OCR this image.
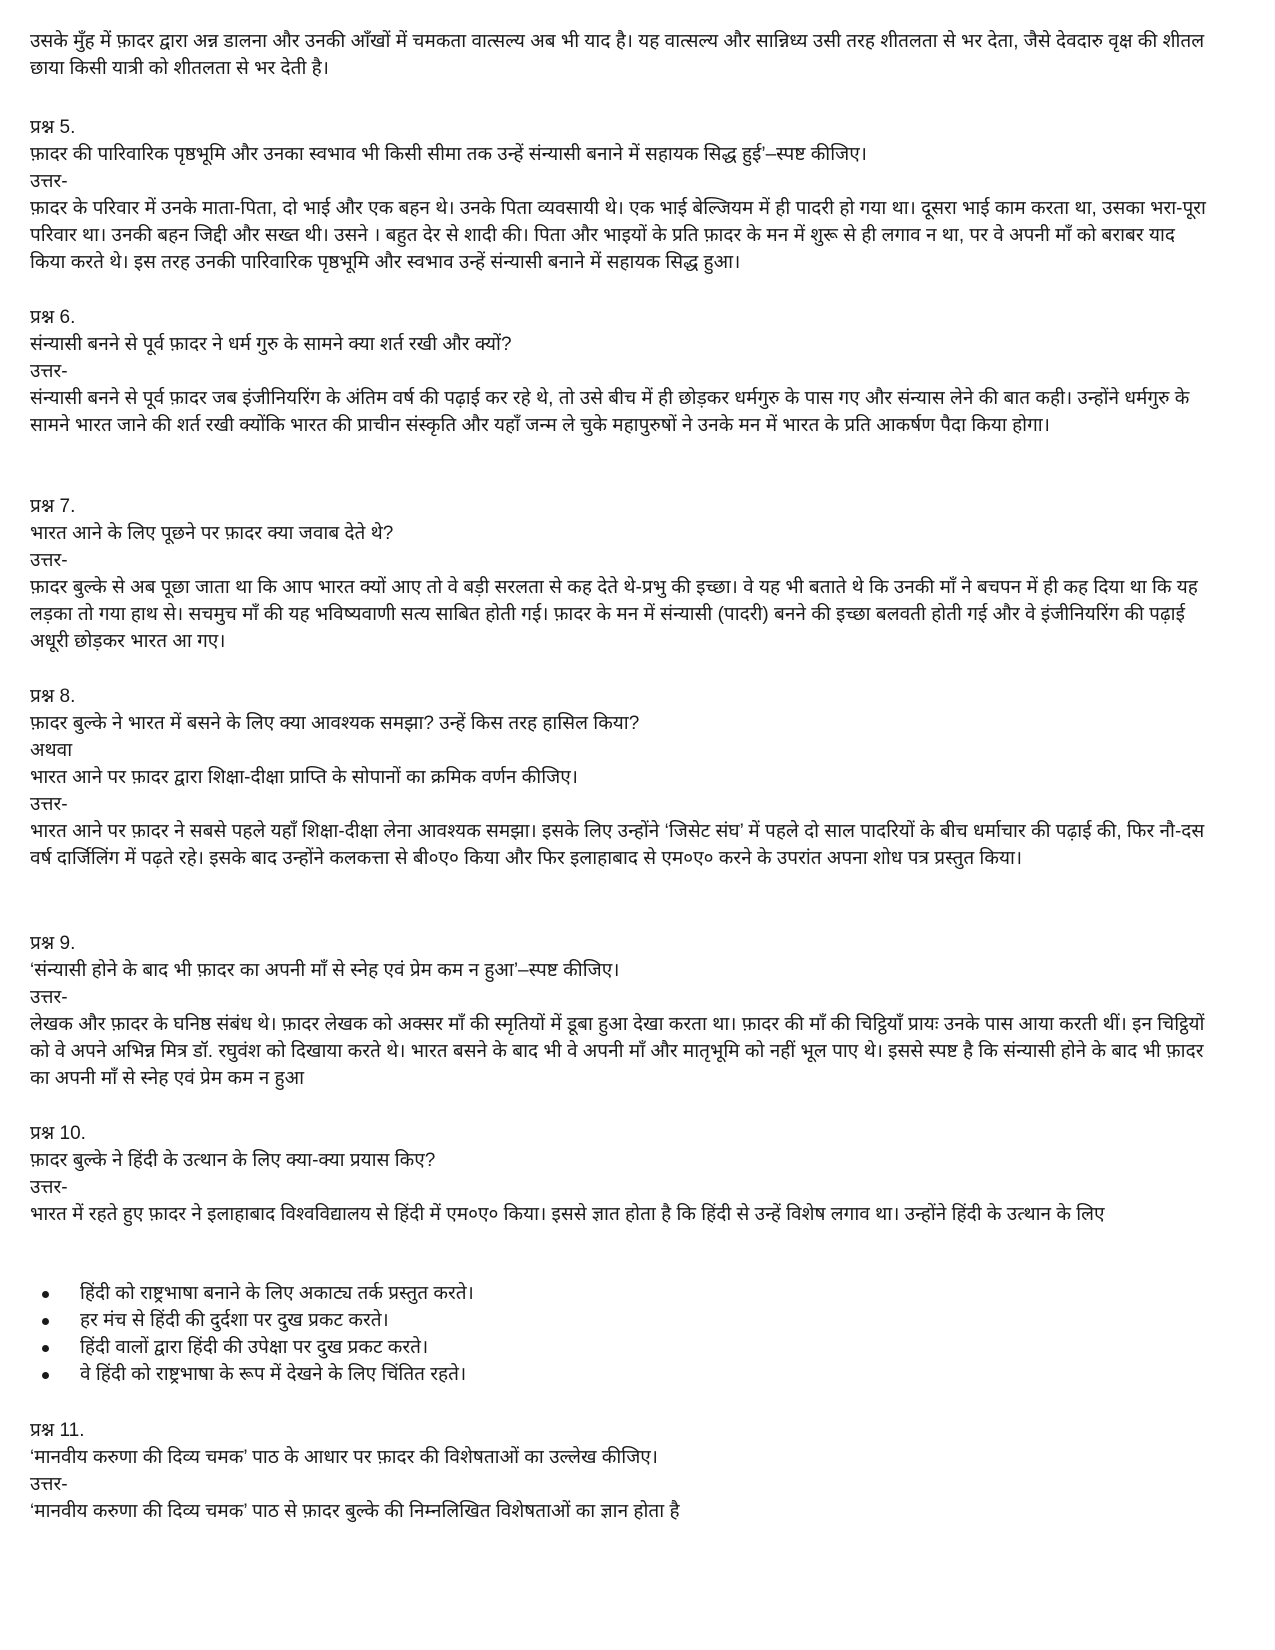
उसके मुँह में फ़ादर द्वारा अन्न डालना और उनकी आँखों में चमकता वात्सल्य अब भी याद है। यह वात्सल्य और सान्निध्य उसी तरह शीतलता से भर देता, जैसे देवदारु वृक्ष की शीतल छाया किसी यात्री को शीतलता से भर देती है।

प्रश्न 5.

फ़ादर की पारिवारिक पृष्ठभूमि और उनका स्वभाव भी किसी सीमा तक उन्हें संन्यासी बनाने में सहायक सिद्ध हुई’–स्पष्ट कीजिए।

उत्तर-

फ़ादर के परिवार में उनके माता-पिता, दो भाई और एक बहन थे। उनके पिता व्यवसायी थे। एक भाई बेल्जियम में ही पादरी हो गया था। दूसरा भाई काम करता था, उसका भरा-पूरा परिवार था। उनकी बहन जिद्दी और सख्त थी। उसने । बहुत देर से शादी की। पिता और भाइयों के प्रति फ़ादर के मन में शुरू से ही लगाव न था, पर वे अपनी माँ को बराबर याद किया करते थे। इस तरह उनकी पारिवारिक पृष्ठभूमि और स्वभाव उन्हें संन्यासी बनाने में सहायक सिद्ध हुआ।

प्रश्न 6.

संन्यासी बनने से पूर्व फ़ादर ने धर्म गुरु के सामने क्या शर्त रखी और क्यों?

उत्तर-

संन्यासी बनने से पूर्व फ़ादर जब इंजीनियरिंग के अंतिम वर्ष की पढ़ाई कर रहे थे, तो उसे बीच में ही छोड़कर धर्मगुरु के पास गए और संन्यास लेने की बात कही। उन्होंने धर्मगुरु के सामने भारत जाने की शर्त रखी क्योंकि भारत की प्राचीन संस्कृति और यहाँ जन्म ले चुके महापुरुषों ने उनके मन में भारत के प्रति आकर्षण पैदा किया होगा।

प्रश्न 7.

भारत आने के लिए पूछने पर फ़ादर क्या जवाब देते थे?

उत्तर-

फ़ादर बुल्के से अब पूछा जाता था कि आप भारत क्यों आए तो वे बड़ी सरलता से कह देते थे-प्रभु की इच्छा। वे यह भी बताते थे कि उनकी माँ ने बचपन में ही कह दिया था कि यह लड़का तो गया हाथ से। सचमुच माँ की यह भविष्यवाणी सत्य साबित होती गई। फ़ादर के मन में संन्यासी (पादरी) बनने की इच्छा बलवती होती गई और वे इंजीनियरिंग की पढ़ाई अधूरी छोड़कर भारत आ गए।

प्रश्न 8.

फ़ादर बुल्के ने भारत में बसने के लिए क्या आवश्यक समझा? उन्हें किस तरह हासिल किया?

अथवा

भारत आने पर फ़ादर द्वारा शिक्षा-दीक्षा प्राप्ति के सोपानों का क्रमिक वर्णन कीजिए।

उत्तर-

भारत आने पर फ़ादर ने सबसे पहले यहाँ शिक्षा-दीक्षा लेना आवश्यक समझा। इसके लिए उन्होंने ‘जिसेट संघ’ में पहले दो साल पादरियों के बीच धर्माचार की पढ़ाई की, फिर नौ-दस वर्ष दार्जिलिंग में पढ़ते रहे। इसके बाद उन्होंने कलकत्ता से बी०ए० किया और फिर इलाहाबाद से एम०ए० करने के उपरांत अपना शोध पत्र प्रस्तुत किया।

प्रश्न 9.

‘संन्यासी होने के बाद भी फ़ादर का अपनी माँ से स्नेह एवं प्रेम कम न हुआ’–स्पष्ट कीजिए।

उत्तर-

लेखक और फ़ादर के घनिष्ठ संबंध थे। फ़ादर लेखक को अक्सर माँ की स्मृतियों में डूबा हुआ देखा करता था। फ़ादर की माँ की चिट्ठियाँ प्रायः उनके पास आया करती थीं। इन चिट्ठियों को वे अपने अभिन्न मित्र डॉ. रघुवंश को दिखाया करते थे। भारत बसने के बाद भी वे अपनी माँ और मातृभूमि को नहीं भूल पाए थे। इससे स्पष्ट है कि संन्यासी होने के बाद भी फ़ादर का अपनी माँ से स्नेह एवं प्रेम कम न हुआ

प्रश्न 10.

फ़ादर बुल्के ने हिंदी के उत्थान के लिए क्या-क्या प्रयास किए?

उत्तर-

भारत में रहते हुए फ़ादर ने इलाहाबाद विश्वविद्यालय से हिंदी में एम०ए० किया। इससे ज्ञात होता है कि हिंदी से उन्हें विशेष लगाव था। उन्होंने हिंदी के उत्थान के लिए

हिंदी को राष्ट्रभाषा बनाने के लिए अकाट्य तर्क प्रस्तुत करते।
हर मंच से हिंदी की दुर्दशा पर दुख प्रकट करते।
हिंदी वालों द्वारा हिंदी की उपेक्षा पर दुख प्रकट करते।
वे हिंदी को राष्ट्रभाषा के रूप में देखने के लिए चिंतित रहते।

प्रश्न 11.

‘मानवीय करुणा की दिव्य चमक’ पाठ के आधार पर फ़ादर की विशेषताओं का उल्लेख कीजिए।

उत्तर-

‘मानवीय करुणा की दिव्य चमक’ पाठ से फ़ादर बुल्के की निम्नलिखित विशेषताओं का ज्ञान होता है
